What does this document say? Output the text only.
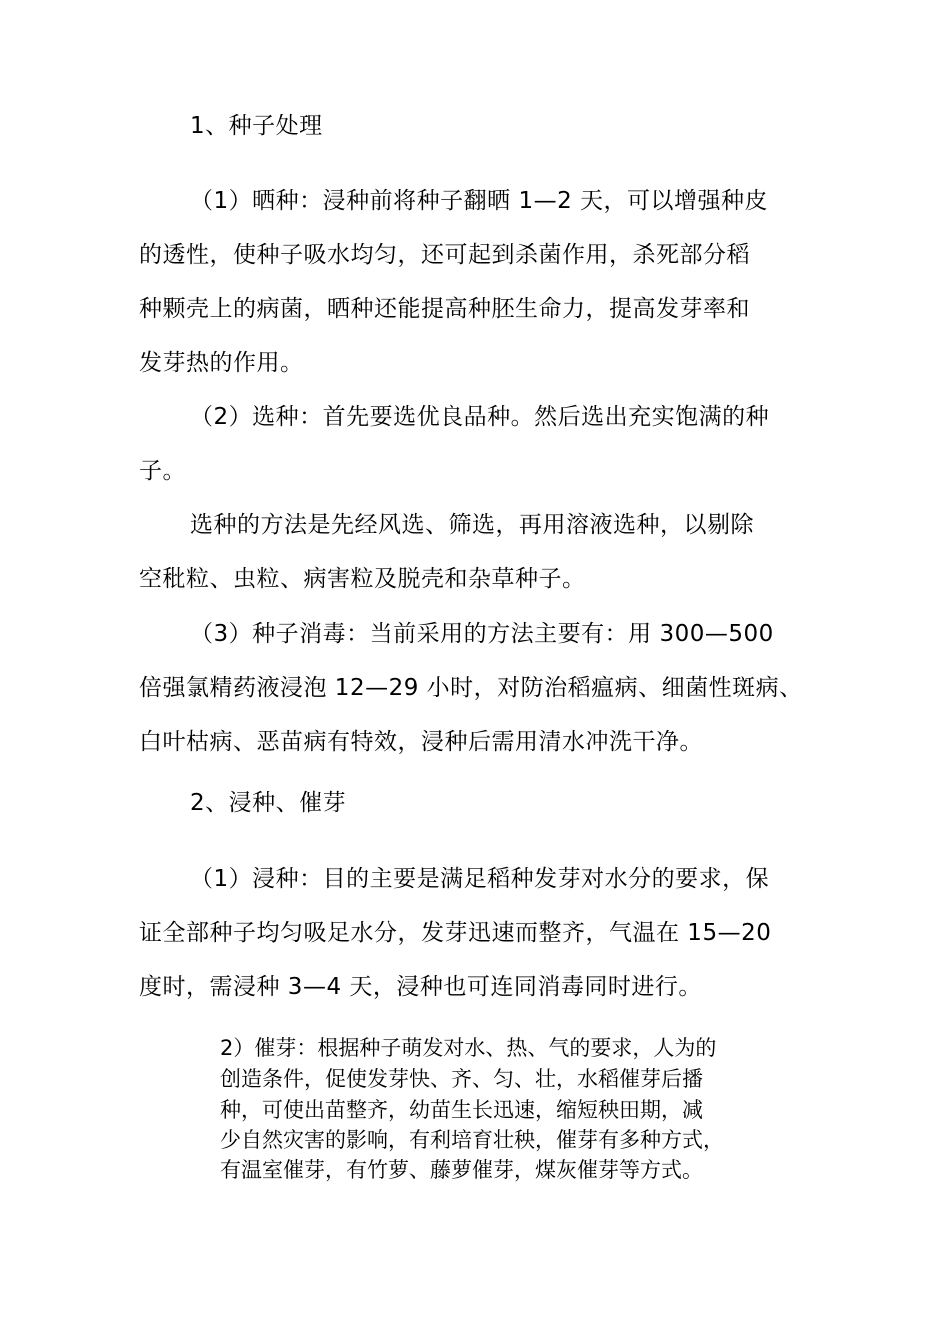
1、种子处理
（1）晒种：浸种前将种子翻晒 1—2 天，可以增强种皮
的透性，使种子吸水均匀，还可起到杀菌作用，杀死部分稻
种颗壳上的病菌，晒种还能提高种胚生命力，提高发芽率和
发芽热的作用。
（2）选种：首先要选优良品种。然后选出充实饱满的种
子。
选种的方法是先经风选、筛选，再用溶液选种，以剔除
空秕粒、虫粒、病害粒及脱壳和杂草种子。
（3）种子消毒：当前采用的方法主要有：用 300—500
倍强氯精药液浸泡 12—29 小时，对防治稻瘟病、细菌性斑病、
白叶枯病、恶苗病有特效，浸种后需用清水冲洗干净。
2、浸种、催芽
（1）浸种：目的主要是满足稻种发芽对水分的要求，保
证全部种子均匀吸足水分，发芽迅速而整齐，气温在 15—20
度时，需浸种 3—4 天，浸种也可连同消毒同时进行。
2）催芽：根据种子萌发对水、热、气的要求，人为的
创造条件，促使发芽快、齐、匀、壮，水稻催芽后播
种，可使出苗整齐，幼苗生长迅速，缩短秧田期，减
少自然灾害的影响，有利培育壮秧，催芽有多种方式，
有温室催芽，有竹萝、藤萝催芽，煤灰催芽等方式。
